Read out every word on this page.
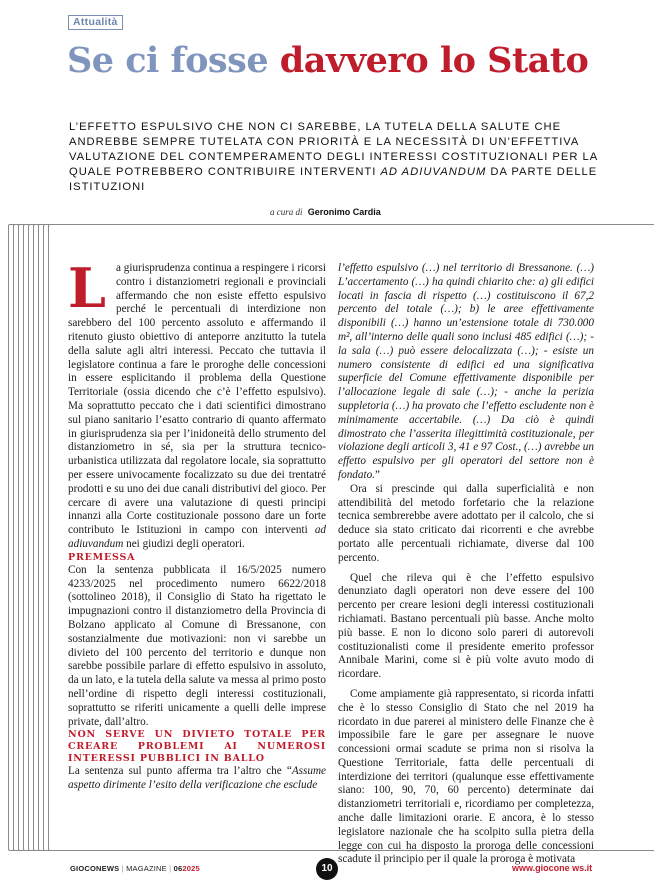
Attualità
Se ci fosse davvero lo Stato

L’EFFETTO ESPULSIVO CHE NON CI SAREBBE, LA TUTELA DELLA SALUTE CHE ANDREBBE SEMPRE TUTELATA CON PRIORITÀ E LA NECESSITÀ DI UN’EFFETTIVA VALUTAZIONE DEL CONTEMPERAMENTO DEGLI INTERESSI COSTITUZIONALI PER LA QUALE POTREBBERO CONTRIBUIRE INTERVENTI AD ADIUVANDUM DA PARTE DELLE ISTITUZIONI

a cura di Geronimo Cardia

La giurisprudenza continua a respingere i ricorsi contro i distanziometri regionali e provinciali affermando che non esiste effetto espulsivo perché le percentuali di interdizione non sarebbero del 100 percento assoluto e affermando il ritenuto giusto obiettivo di anteporre anzitutto la tutela della salute agli altri interessi. Peccato che tuttavia il legislatore continua a fare le proroghe delle concessioni in essere esplicitando il problema della Questione Territoriale (ossia dicendo che c’è l’effetto espulsivo). Ma soprattutto peccato che i dati scientifici dimostrano sul piano sanitario l’esatto contrario di quanto affermato in giurisprudenza sia per l’inidoneità dello strumento del distanziometro in sé, sia per la struttura tecnico-urbanistica utilizzata dal regolatore locale, sia soprattutto per essere univocamente focalizzato su due dei trentatré prodotti e su uno dei due canali distributivi del gioco. Per cercare di avere una valutazione di questi principi innanzi alla Corte costituzionale possono dare un forte contributo le Istituzioni in campo con interventi ad adiuvandum nei giudizi degli operatori.

PREMESSA

Con la sentenza pubblicata il 16/5/2025 numero 4233/2025 nel procedimento numero 6622/2018 (sottolineo 2018), il Consiglio di Stato ha rigettato le impugnazioni contro il distanziometro della Provincia di Bolzano applicato al Comune di Bressanone, con sostanzialmente due motivazioni: non vi sarebbe un divieto del 100 percento del territorio e dunque non sarebbe possibile parlare di effetto espulsivo in assoluto, da un lato, e la tutela della salute va messa al primo posto nell’ordine di rispetto degli interessi costituzionali, soprattutto se riferiti unicamente a quelli delle imprese private, dall’altro.

NON SERVE UN DIVIETO TOTALE PER CREARE PROBLEMI AI NUMEROSI INTERESSI PUBBLICI IN BALLO

La sentenza sul punto afferma tra l’altro che “Assume aspetto dirimente l’esito della verificazione che esclude

l’effetto espulsivo (…) nel territorio di Bressanone. (…) L’accertamento (…) ha quindi chiarito che: a) gli edifici locati in fascia di rispetto (…) costituiscono il 67,2 percento del totale (…); b) le aree effettivamente disponibili (…) hanno un’estensione totale di 730.000 m², all’interno delle quali sono inclusi 485 edifici (…); - la sala (…) può essere delocalizzata (…); - esiste un numero consistente di edifici ed una significativa superficie del Comune effettivamente disponibile per l’allocazione legale di sale (…); - anche la perizia suppletoria (…) ha provato che l’effetto escludente non è minimamente accertabile. (…) Da ciò è quindi dimostrato che l’asserita illegittimità costituzionale, per violazione degli articoli 3, 41 e 97 Cost., (…) avrebbe un effetto espulsivo per gli operatori del settore non è fondato.”

Ora si prescinde qui dalla superficialità e non attendibilità del metodo forfetario che la relazione tecnica sembrerebbe avere adottato per il calcolo, che si deduce sia stato criticato dai ricorrenti e che avrebbe portato alle percentuali richiamate, diverse dal 100 percento.

Quel che rileva qui è che l’effetto espulsivo denunziato dagli operatori non deve essere del 100 percento per creare lesioni degli interessi costituzionali richiamati. Bastano percentuali più basse. Anche molto più basse. E non lo dicono solo pareri di autorevoli costituzionalisti come il presidente emerito professor Annibale Marini, come si è più volte avuto modo di ricordare.

Come ampiamente già rappresentato, si ricorda infatti che è lo stesso Consiglio di Stato che nel 2019 ha ricordato in due parerei al ministero delle Finanze che è impossibile fare le gare per assegnare le nuove concessioni ormai scadute se prima non si risolva la Questione Territoriale, fatta delle percentuali di interdizione dei territori (qualunque esse effettivamente siano: 100, 90, 70, 60 percento) determinate dai distanziometri territoriali e, ricordiamo per completezza, anche dalle limitazioni orarie. E ancora, è lo stesso legislatore nazionale che ha scolpito sulla pietra della legge con cui ha disposto la proroga delle concessioni scadute il principio per il quale la proroga è motivata

GIOCONEWS | MAGAZINE | 062025	10	www.giocone ws.it
